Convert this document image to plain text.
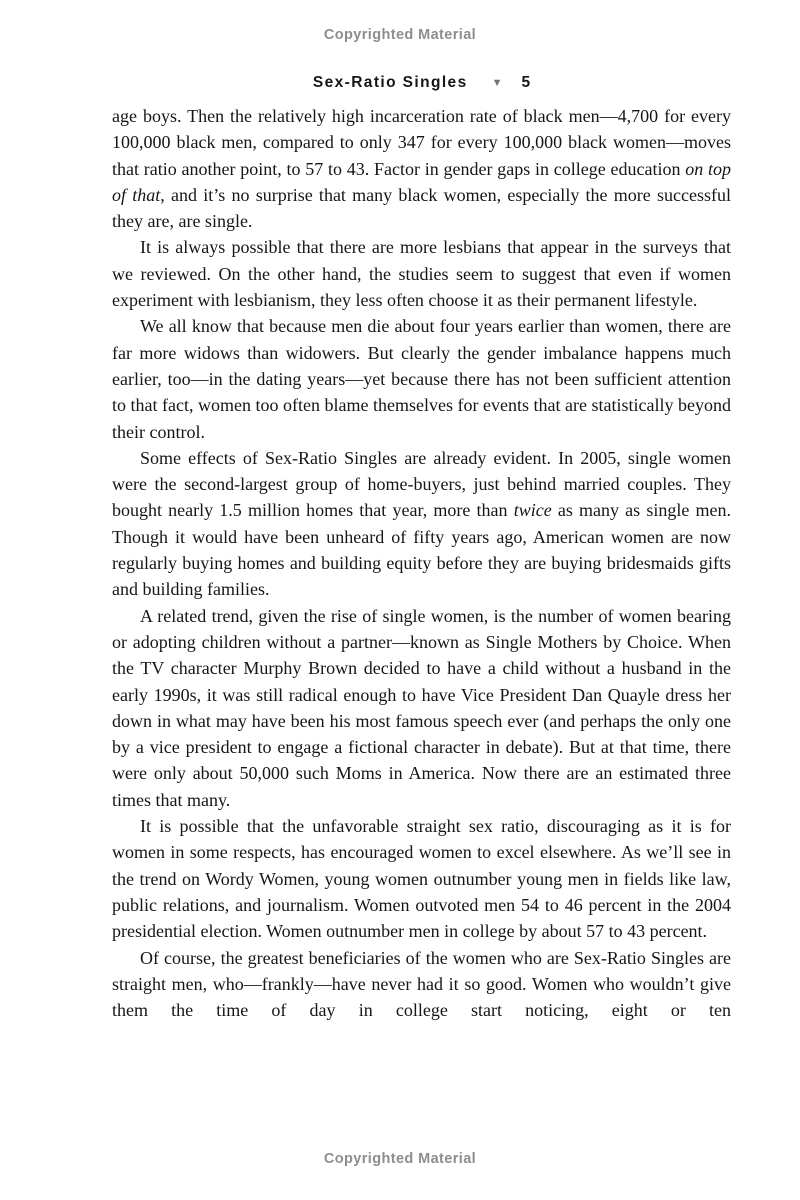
Copyrighted Material
Sex-Ratio Singles ▼ 5

age boys. Then the relatively high incarceration rate of black men—4,700 for every 100,000 black men, compared to only 347 for every 100,000 black women—moves that ratio another point, to 57 to 43. Factor in gender gaps in college education on top of that, and it’s no surprise that many black women, especially the more successful they are, are single.

It is always possible that there are more lesbians that appear in the surveys that we reviewed. On the other hand, the studies seem to suggest that even if women experiment with lesbianism, they less often choose it as their permanent lifestyle.

We all know that because men die about four years earlier than women, there are far more widows than widowers. But clearly the gender imbalance happens much earlier, too—in the dating years—yet because there has not been sufficient attention to that fact, women too often blame themselves for events that are statistically beyond their control.

Some effects of Sex-Ratio Singles are already evident. In 2005, single women were the second-largest group of home-buyers, just behind married couples. They bought nearly 1.5 million homes that year, more than twice as many as single men. Though it would have been unheard of fifty years ago, American women are now regularly buying homes and building equity before they are buying bridesmaids gifts and building families.

A related trend, given the rise of single women, is the number of women bearing or adopting children without a partner—known as Single Mothers by Choice. When the TV character Murphy Brown decided to have a child without a husband in the early 1990s, it was still radical enough to have Vice President Dan Quayle dress her down in what may have been his most famous speech ever (and perhaps the only one by a vice president to engage a fictional character in debate). But at that time, there were only about 50,000 such Moms in America. Now there are an estimated three times that many.

It is possible that the unfavorable straight sex ratio, discouraging as it is for women in some respects, has encouraged women to excel elsewhere. As we’ll see in the trend on Wordy Women, young women outnumber young men in fields like law, public relations, and journalism. Women outvoted men 54 to 46 percent in the 2004 presidential election. Women outnumber men in college by about 57 to 43 percent.

Of course, the greatest beneficiaries of the women who are Sex-Ratio Singles are straight men, who—frankly—have never had it so good. Women who wouldn’t give them the time of day in college start noticing, eight or ten

Copyrighted Material
